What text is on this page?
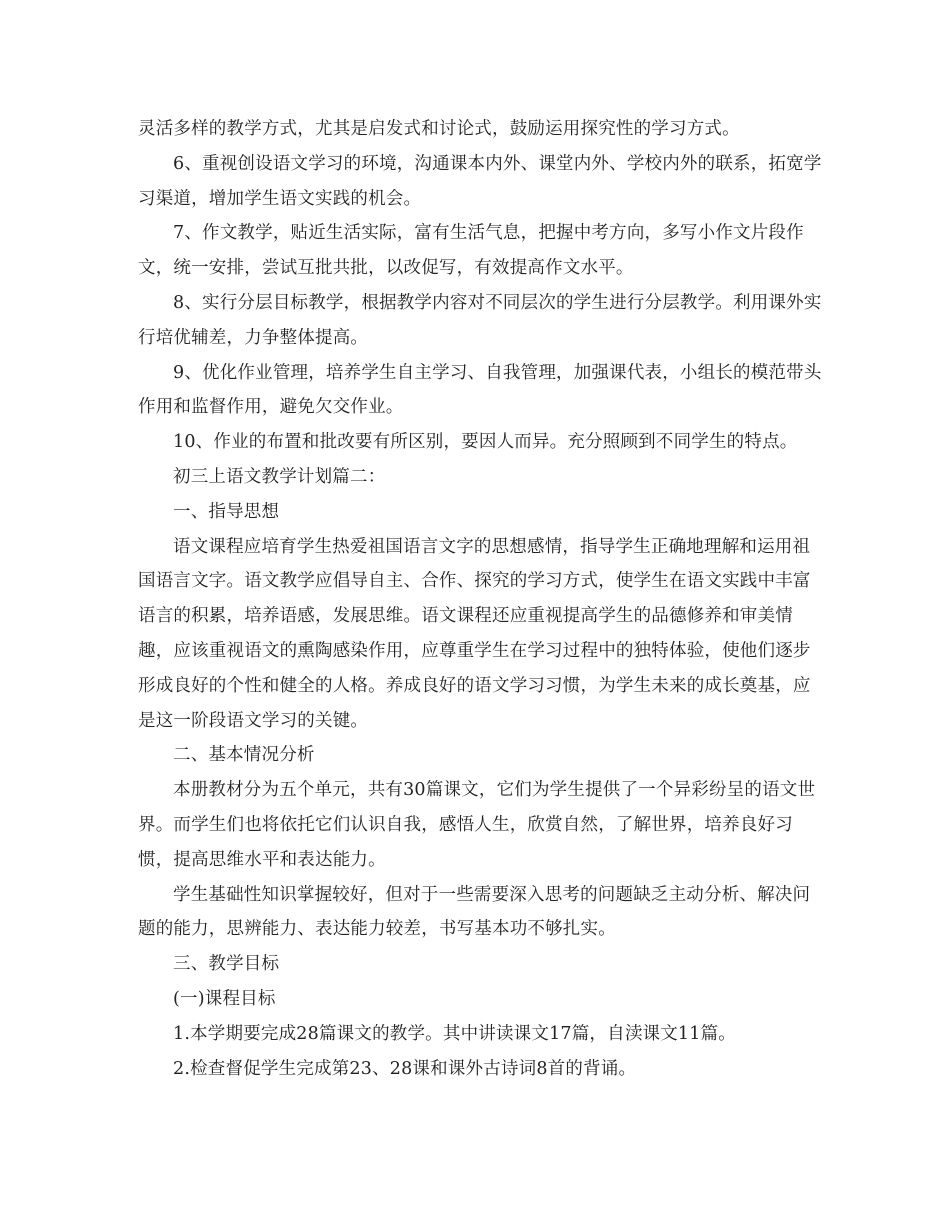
灵活多样的教学方式，尤其是启发式和讨论式，鼓励运用探究性的学习方式。

6、重视创设语文学习的环境，沟通课本内外、课堂内外、学校内外的联系，拓宽学习渠道，增加学生语文实践的机会。

7、作文教学，贴近生活实际，富有生活气息，把握中考方向，多写小作文片段作文，统一安排，尝试互批共批，以改促写，有效提高作文水平。

8、实行分层目标教学，根据教学内容对不同层次的学生进行分层教学。利用课外实行培优辅差，力争整体提高。

9、优化作业管理，培养学生自主学习、自我管理，加强课代表，小组长的模范带头作用和监督作用，避免欠交作业。

10、作业的布置和批改要有所区别，要因人而异。充分照顾到不同学生的特点。

初三上语文教学计划篇二：

一、指导思想

语文课程应培育学生热爱祖国语言文字的思想感情，指导学生正确地理解和运用祖国语言文字。语文教学应倡导自主、合作、探究的学习方式，使学生在语文实践中丰富语言的积累，培养语感，发展思维。语文课程还应重视提高学生的品德修养和审美情趣，应该重视语文的熏陶感染作用，应尊重学生在学习过程中的独特体验，使他们逐步形成良好的个性和健全的人格。养成良好的语文学习习惯，为学生未来的成长奠基，应是这一阶段语文学习的关键。

二、基本情况分析

本册教材分为五个单元，共有30篇课文，它们为学生提供了一个异彩纷呈的语文世界。而学生们也将依托它们认识自我，感悟人生，欣赏自然，了解世界，培养良好习惯，提高思维水平和表达能力。

学生基础性知识掌握较好，但对于一些需要深入思考的问题缺乏主动分析、解决问题的能力，思辨能力、表达能力较差，书写基本功不够扎实。

三、教学目标

(一)课程目标

1.本学期要完成28篇课文的教学。其中讲读课文17篇，自渎课文11篇。

2.检查督促学生完成第23、28课和课外古诗词8首的背诵。
